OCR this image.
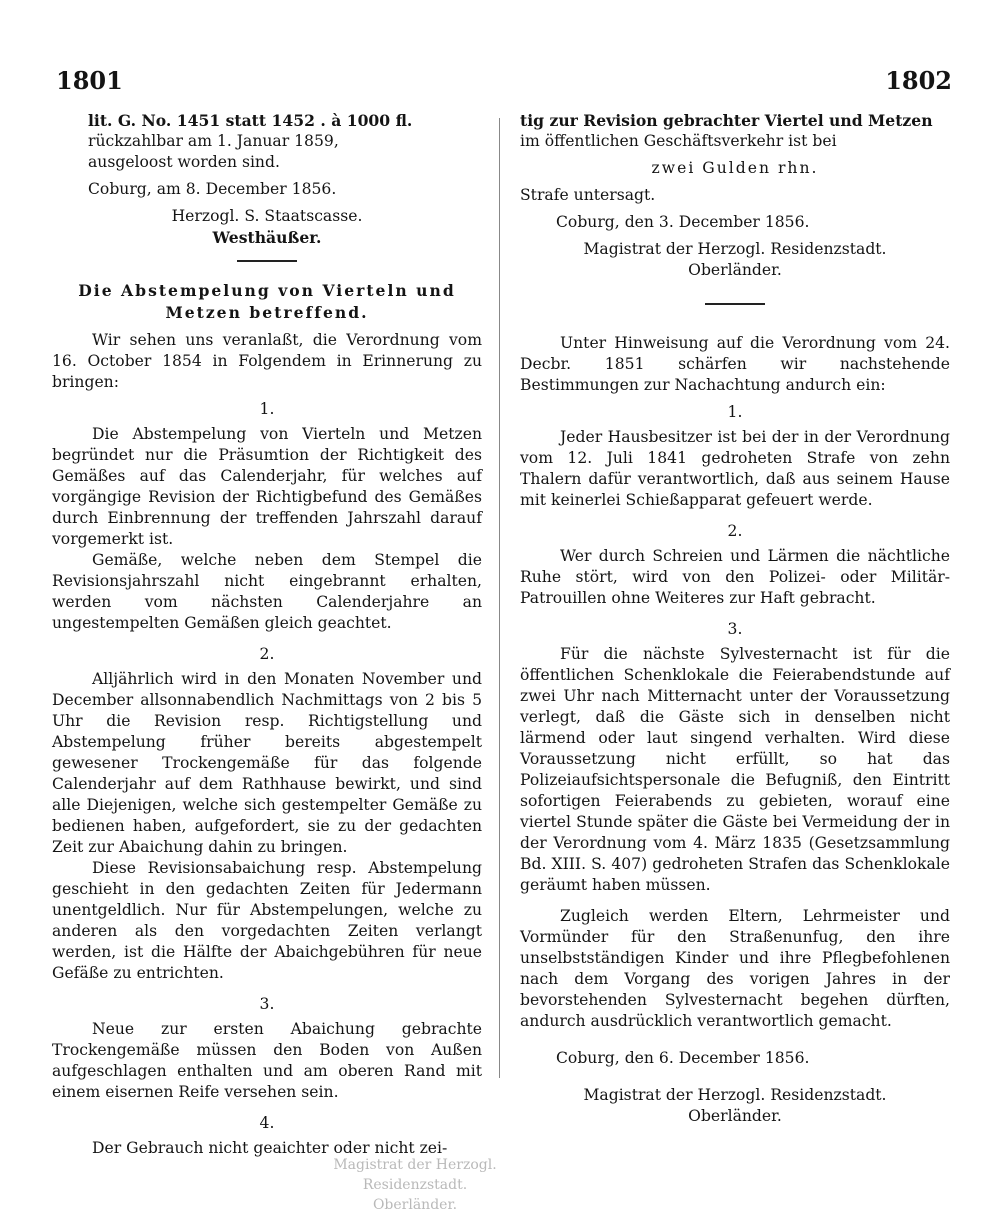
1801	1802
lit. G. No. 1451 statt 1452 . à 1000 fl.
rückzahlbar am 1. Januar 1859,
ausgeloost worden sind.

Coburg, am 8. December 1856.

Herzogl. S. Staatscasse.

Westhäußer.

Die Abstempelung von Vierteln und
Metzen betreffend.

Wir sehen uns veranlaßt, die Verordnung vom 16. October 1854 in Folgendem in Erinnerung zu bringen:

1.

Die Abstempelung von Vierteln und Metzen begründet nur die Präsumtion der Richtigkeit des Gemäßes auf das Calenderjahr, für welches auf vorgängige Revision der Richtigbefund des Gemäßes durch Einbrennung der treffenden Jahrszahl darauf vorgemerkt ist.

Gemäße, welche neben dem Stempel die Revisionsjahrszahl nicht eingebrannt erhalten, werden vom nächsten Calenderjahre an ungestempelten Gemäßen gleich geachtet.

2.

Alljährlich wird in den Monaten November und December allsonnabendlich Nachmittags von 2 bis 5 Uhr die Revision resp. Richtigstellung und Abstempelung früher bereits abgestempelt gewesener Trockengemäße für das folgende Calenderjahr auf dem Rathhause bewirkt, und sind alle Diejenigen, welche sich gestempelter Gemäße zu bedienen haben, aufgefordert, sie zu der gedachten Zeit zur Abaichung dahin zu bringen.

Diese Revisionsabaichung resp. Abstempelung geschieht in den gedachten Zeiten für Jedermann unentgeldlich. Nur für Abstempelungen, welche zu anderen als den vorgedachten Zeiten verlangt werden, ist die Hälfte der Abaichgebühren für neue Gefäße zu entrichten.

3.

Neue zur ersten Abaichung gebrachte Trockengemäße müssen den Boden von Außen aufgeschlagen enthalten und am oberen Rand mit einem eisernen Reife versehen sein.

4.

Der Gebrauch nicht geaichter oder nicht zei-

tig zur Revision gebrachter Viertel und Metzen
im öffentlichen Geschäftsverkehr ist bei

zwei Gulden rhn.

Strafe untersagt.

Coburg, den 3. December 1856.

Magistrat der Herzogl. Residenzstadt.

Oberländer.

Unter Hinweisung auf die Verordnung vom 24. Decbr. 1851 schärfen wir nachstehende Bestimmungen zur Nachachtung andurch ein:

1.

Jeder Hausbesitzer ist bei der in der Verordnung vom 12. Juli 1841 gedroheten Strafe von zehn Thalern dafür verantwortlich, daß aus seinem Hause mit keinerlei Schießapparat gefeuert werde.

2.

Wer durch Schreien und Lärmen die nächtliche Ruhe stört, wird von den Polizei- oder Militär-Patrouillen ohne Weiteres zur Haft gebracht.

3.

Für die nächste Sylvesternacht ist für die öffentlichen Schenklokale die Feierabendstunde auf zwei Uhr nach Mitternacht unter der Voraussetzung verlegt, daß die Gäste sich in denselben nicht lärmend oder laut singend verhalten. Wird diese Voraussetzung nicht erfüllt, so hat das Polizeiaufsichtspersonale die Befugniß, den Eintritt sofortigen Feierabends zu gebieten, worauf eine viertel Stunde später die Gäste bei Vermeidung der in der Verordnung vom 4. März 1835 (Gesetzsammlung Bd. XIII. S. 407) gedroheten Strafen das Schenklokale geräumt haben müssen.

Zugleich werden Eltern, Lehrmeister und Vormünder für den Straßenunfug, den ihre unselbstständigen Kinder und ihre Pflegbefohlenen nach dem Vorgang des vorigen Jahres in der bevorstehenden Sylvesternacht begehen dürften, andurch ausdrücklich verantwortlich gemacht.

Coburg, den 6. December 1856.

Magistrat der Herzogl. Residenzstadt.

Oberländer.

Magistrat der Herzogl. Residenzstadt.
Oberländer.
